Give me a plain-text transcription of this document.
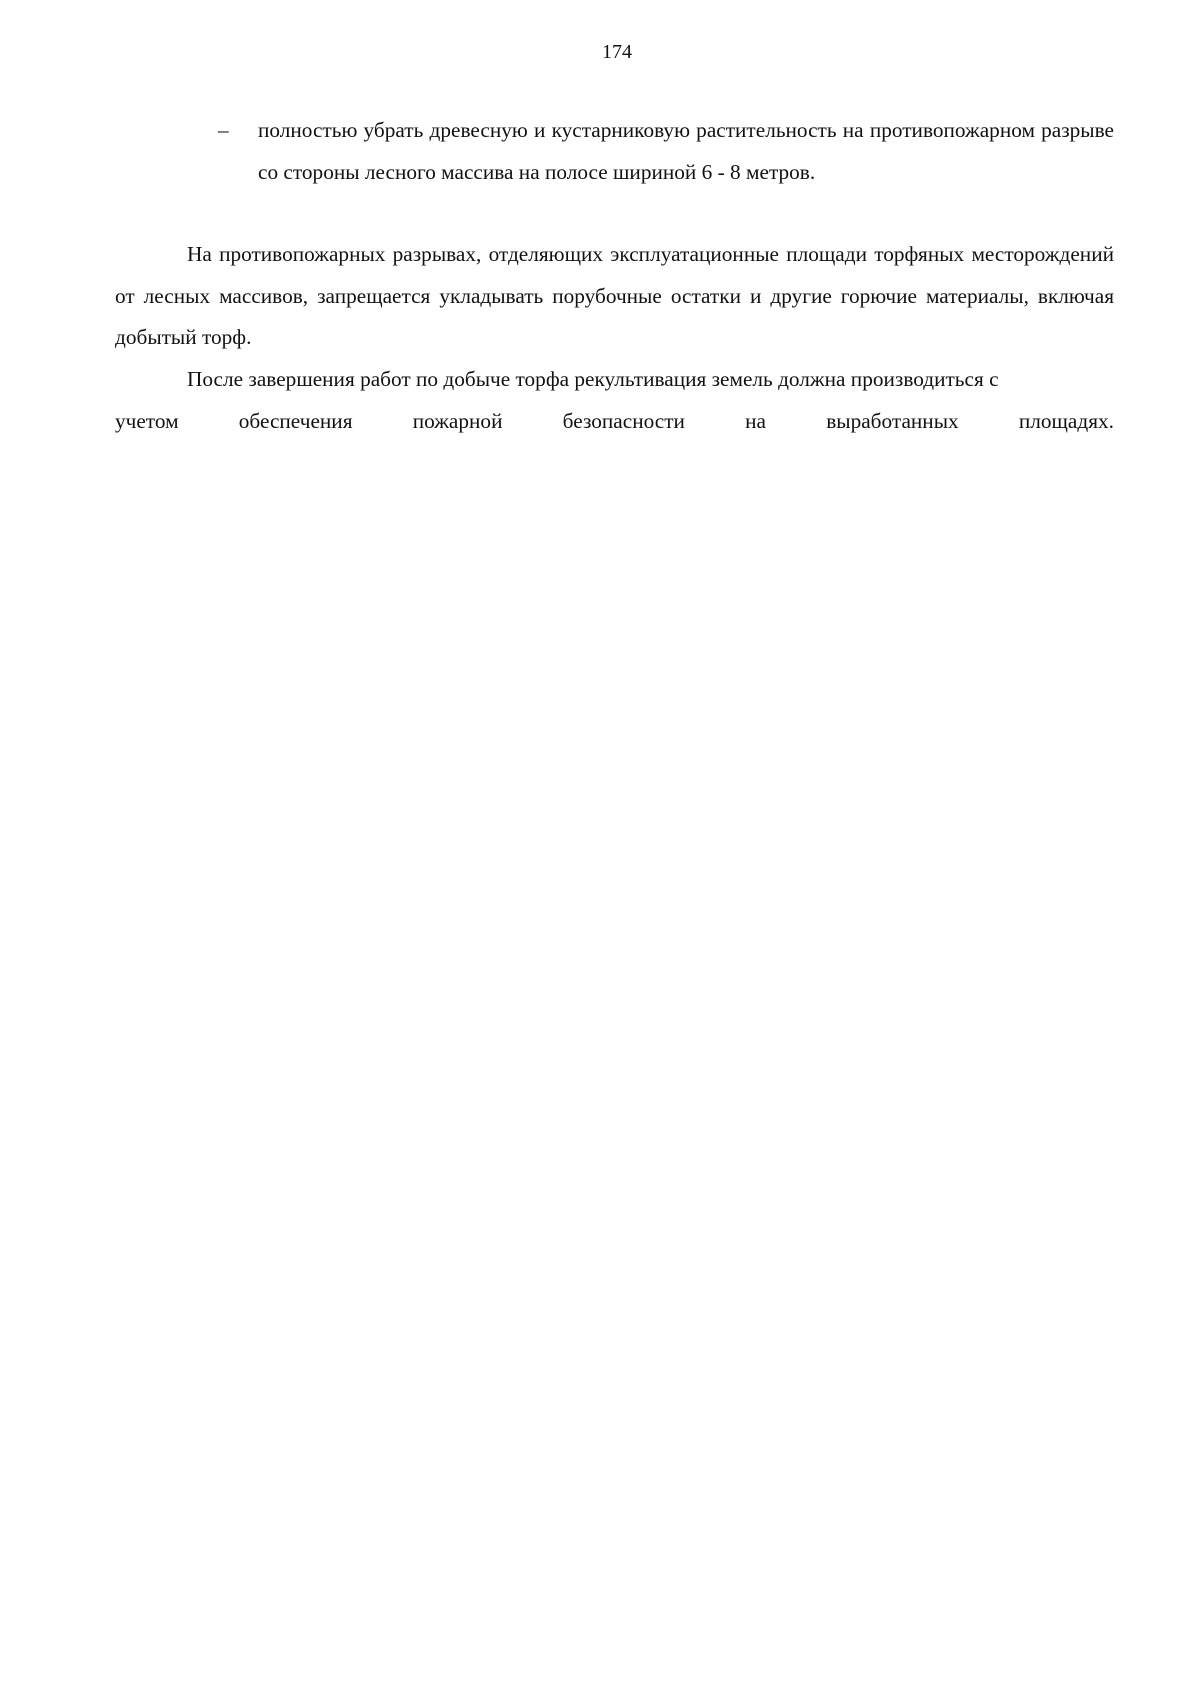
174
– полностью убрать древесную и кустарниковую растительность на противопожарном разрыве со стороны лесного массива на полосе шириной 6 - 8 метров.

На противопожарных разрывах, отделяющих эксплуатационные площади торфяных месторождений от лесных массивов, запрещается укладывать порубочные остатки и другие горючие материалы, включая добытый торф.

После завершения работ по добыче торфа рекультивация земель должна производиться с

учетом обеспечения пожарной безопасности на выработанных площадях.
